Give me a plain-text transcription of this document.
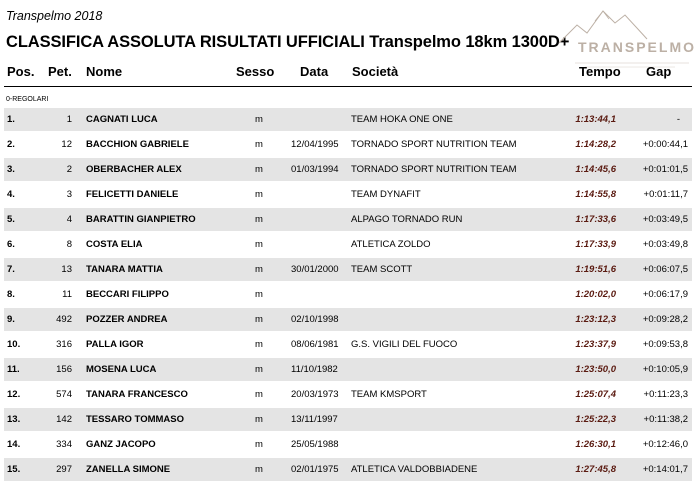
Transpelmo 2018
CLASSIFICA ASSOLUTA RISULTATI UFFICIALI Transpelmo 18km 1300D+ TRANSPELMO
Pos. Pet. Nome	Sesso Data Società	Tempo Gap
0-REGOLARI
1.	1 CAGNATI LUCA	m	TEAM HOKA ONE ONE	1:13:44,1	-
2.	12 BACCHION GABRIELE	m	12/04/1995 TORNADO SPORT NUTRITION TEAM	1:14:28,2	+0:00:44,1
3.	2 OBERBACHER ALEX	m	01/03/1994 TORNADO SPORT NUTRITION TEAM	1:14:45,6	+0:01:01,5
4.	3 FELICETTI DANIELE	m	TEAM DYNAFIT	1:14:55,8	+0:01:11,7
5.	4 BARATTIN GIANPIETRO	m	ALPAGO TORNADO RUN	1:17:33,6	+0:03:49,5
6.	8 COSTA ELIA	m	ATLETICA ZOLDO	1:17:33,9	+0:03:49,8
7.	13 TANARA MATTIA	m	30/01/2000 TEAM SCOTT	1:19:51,6	+0:06:07,5
8.	11 BECCARI FILIPPO	m	1:20:02,0	+0:06:17,9
9.	492 POZZER ANDREA	m	02/10/1998	1:23:12,3	+0:09:28,2
10.	316 PALLA IGOR	m	08/06/1981 G.S. VIGILI DEL FUOCO	1:23:37,9	+0:09:53,8
11.	156 MOSENA LUCA	m	11/10/1982	1:23:50,0	+0:10:05,9
12.	574 TANARA FRANCESCO	m	20/03/1973 TEAM KMSPORT	1:25:07,4	+0:11:23,3
13.	142 TESSARO TOMMASO	m	13/11/1997	1:25:22,3	+0:11:38,2
14.	334 GANZ JACOPO	m	25/05/1988	1:26:30,1	+0:12:46,0
15.	297 ZANELLA SIMONE	m	02/01/1975 ATLETICA VALDOBBIADENE	1:27:45,8	+0:14:01,7
